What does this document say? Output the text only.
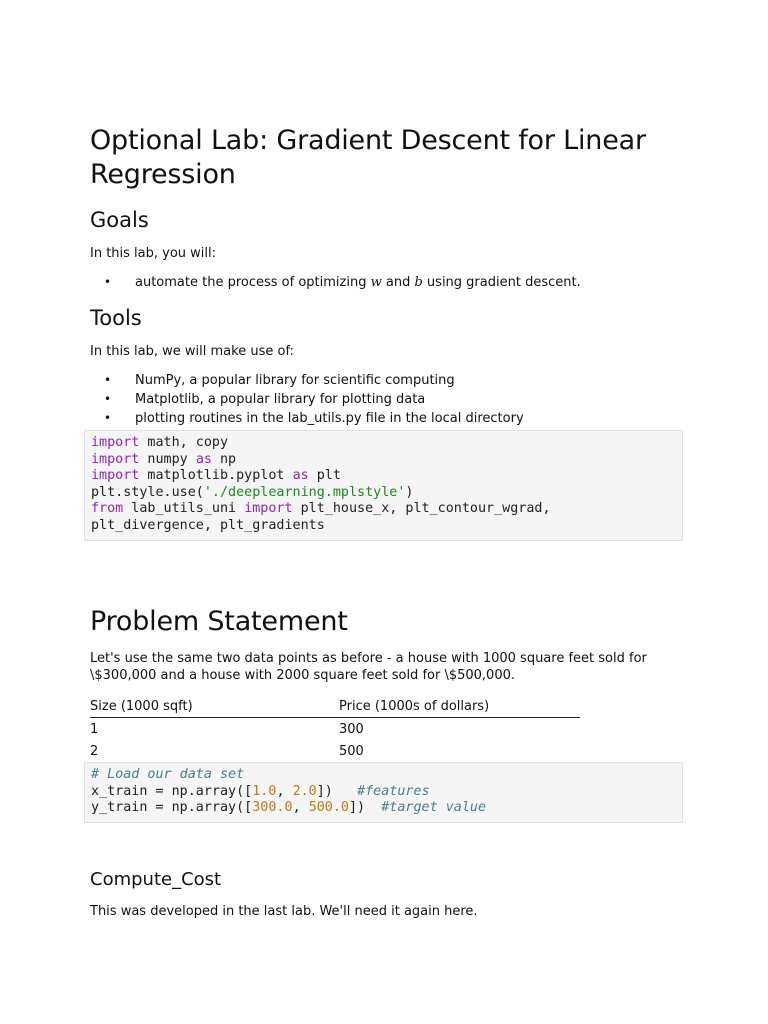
Optional Lab: Gradient Descent for Linear Regression
Goals

In this lab, you will:

• automate the process of optimizing w and b using gradient descent.
Tools

In this lab, we will make use of:

• NumPy, a popular library for scientific computing
• Matplotlib, a popular library for plotting data
• plotting routines in the lab_utils.py file in the local directory
import math, copy
import numpy as np
import matplotlib.pyplot as plt
plt.style.use('./deeplearning.mplstyle')
from lab_utils_uni import plt_house_x, plt_contour_wgrad,
plt_divergence, plt_gradients
Problem Statement

Let's use the same two data points as before - a house with 1000 square feet sold for \$300,000 and a house with 2000 square feet sold for \$500,000.

Size (1000 sqft)	Price (1000s of dollars)
1	300
2	500
# Load our data set
x_train = np.array([1.0, 2.0])   #features
y_train = np.array([300.0, 500.0])  #target value
Compute_Cost

This was developed in the last lab. We'll need it again here.
